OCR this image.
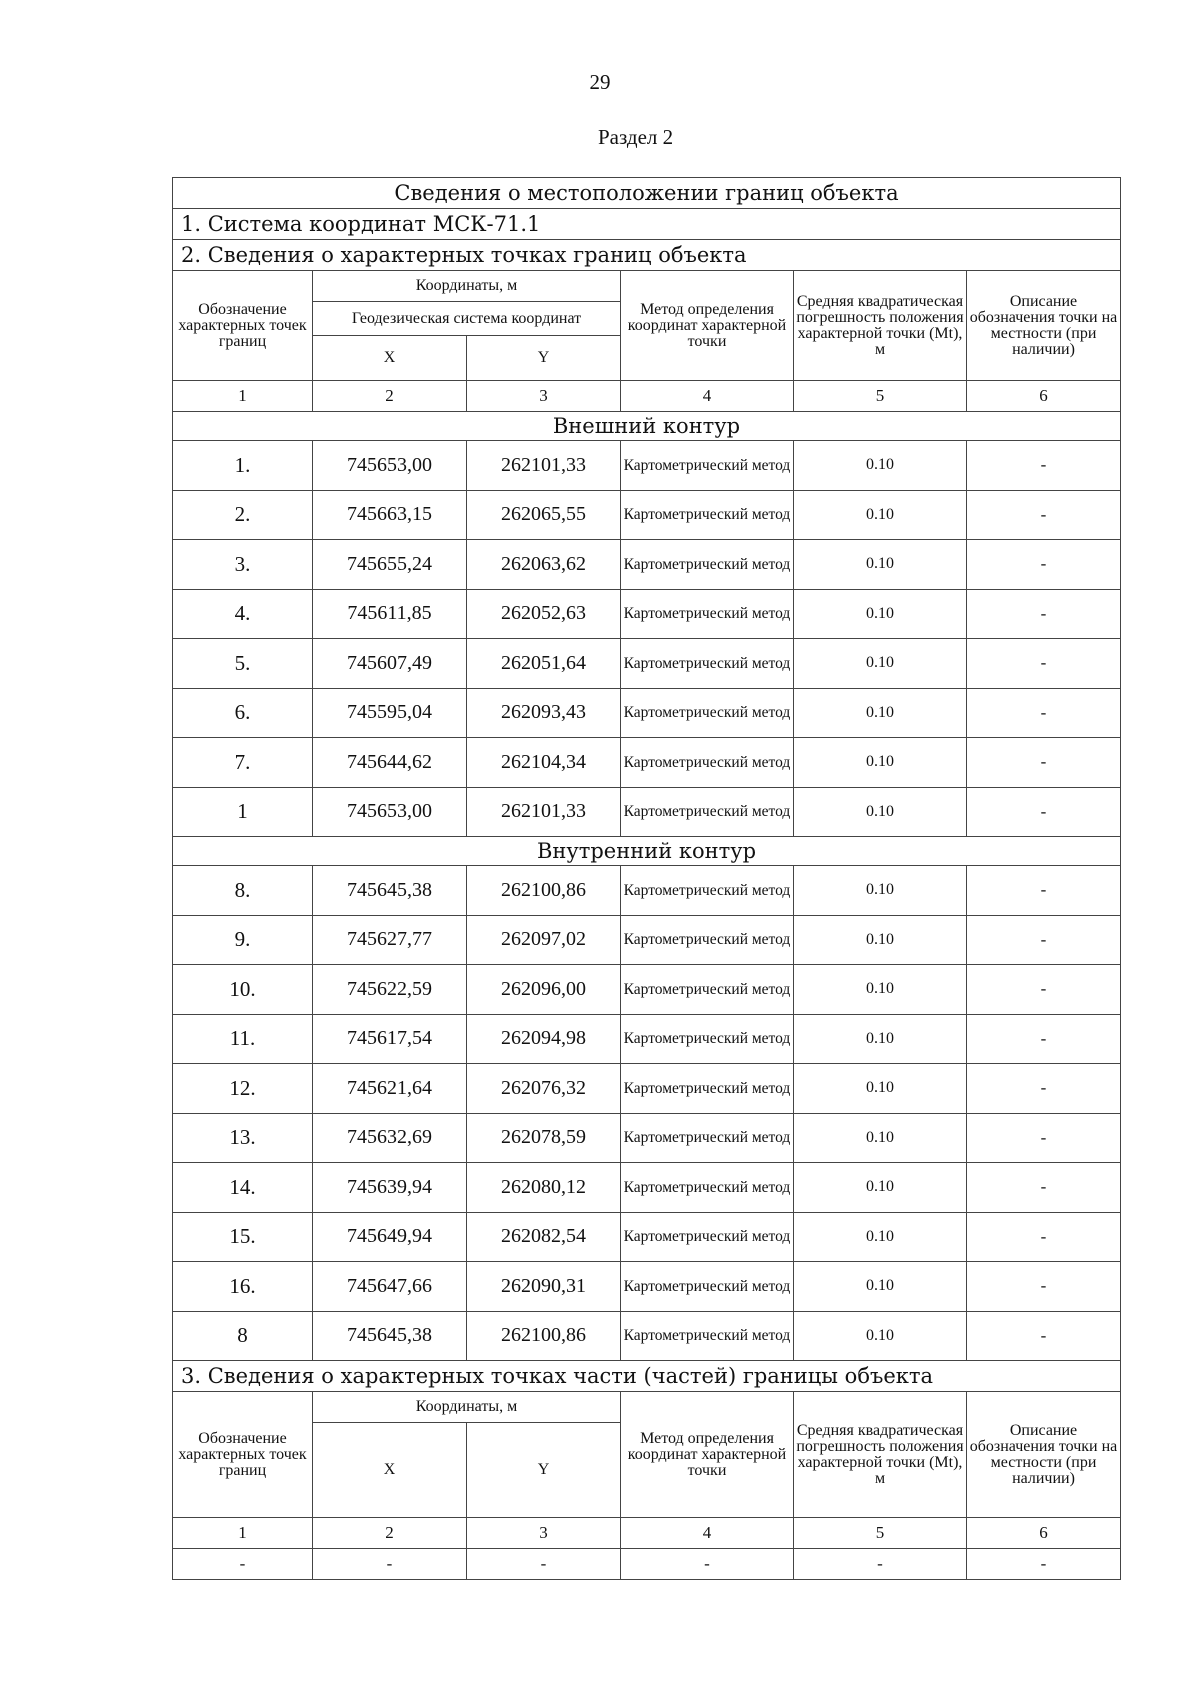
29
Раздел 2
Сведения о местоположении границ объекта					
1. Система координат МСК-71.1					
2. Сведения о характерных точках границ объекта					
Обозначение характерных точек границ	Координаты, м		Метод определения координат характерной точки	Средняя квадратическая погрешность положения характерной точки (Mt), м	Описание обозначения точки на местности (при наличии)
	Геодезическая система координат				
	X	Y			
1	2	3	4	5	6
Внешний контур					
1.	745653,00	262101,33	Картометрический метод	0.10	-
2.	745663,15	262065,55	Картометрический метод	0.10	-
3.	745655,24	262063,62	Картометрический метод	0.10	-
4.	745611,85	262052,63	Картометрический метод	0.10	-
5.	745607,49	262051,64	Картометрический метод	0.10	-
6.	745595,04	262093,43	Картометрический метод	0.10	-
7.	745644,62	262104,34	Картометрический метод	0.10	-
1	745653,00	262101,33	Картометрический метод	0.10	-
Внутренний контур					
8.	745645,38	262100,86	Картометрический метод	0.10	-
9.	745627,77	262097,02	Картометрический метод	0.10	-
10.	745622,59	262096,00	Картометрический метод	0.10	-
11.	745617,54	262094,98	Картометрический метод	0.10	-
12.	745621,64	262076,32	Картометрический метод	0.10	-
13.	745632,69	262078,59	Картометрический метод	0.10	-
14.	745639,94	262080,12	Картометрический метод	0.10	-
15.	745649,94	262082,54	Картометрический метод	0.10	-
16.	745647,66	262090,31	Картометрический метод	0.10	-
8	745645,38	262100,86	Картометрический метод	0.10	-
3. Сведения о характерных точках части (частей) границы объекта					
Обозначение характерных точек границ	Координаты, м		Метод определения координат характерной точки	Средняя квадратическая погрешность положения характерной точки (Mt), м	Описание обозначения точки на местности (при наличии)
	X	Y			
1	2	3	4	5	6
-	-	-	-	-	-
